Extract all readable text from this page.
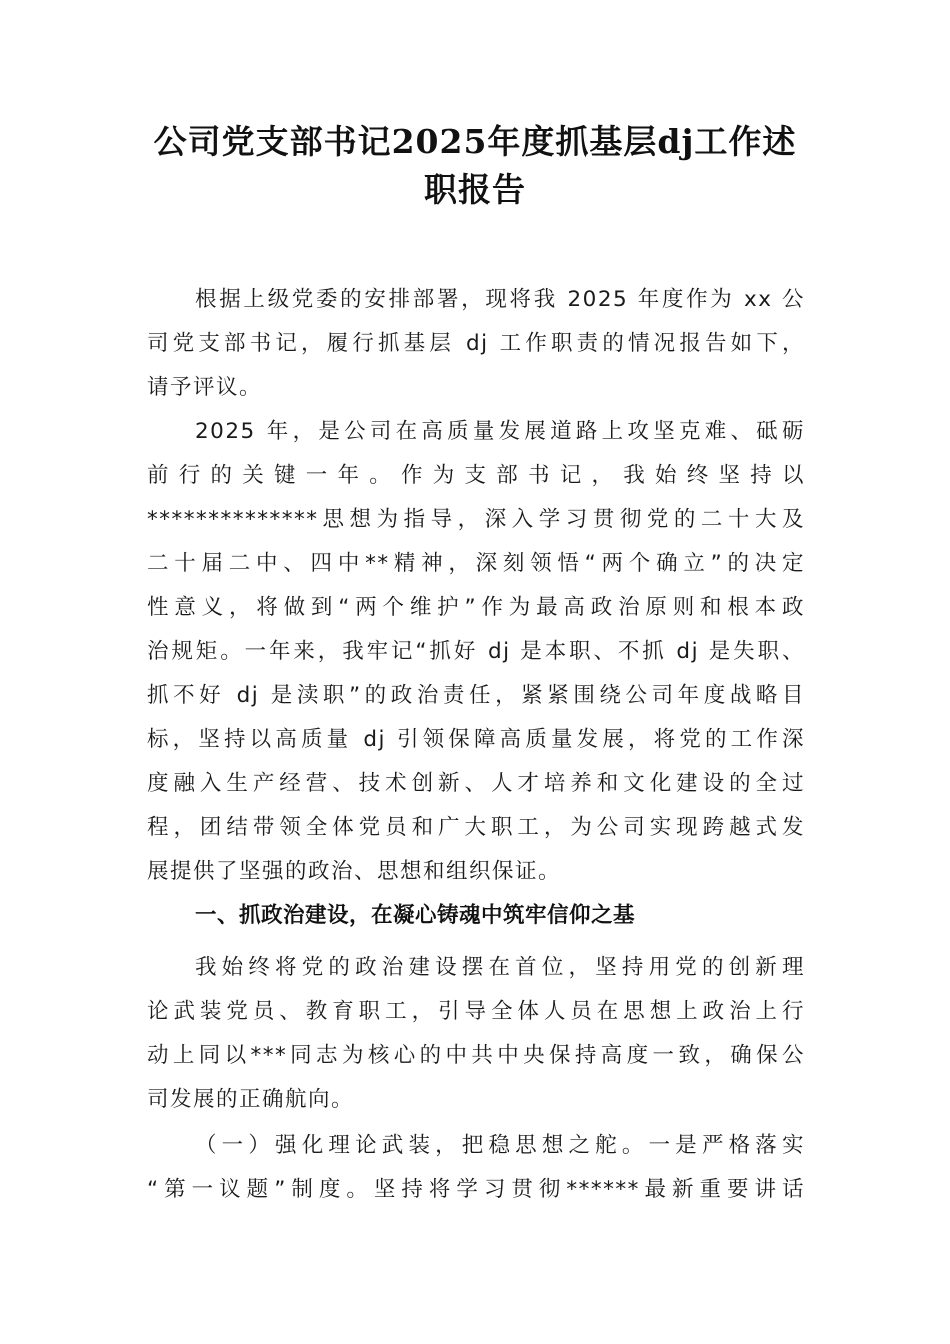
公司党支部书记2025年度抓基层dj工作述
职报告
根据上级党委的安排部署，现将我 2025 年度作为 xx 公
司党支部书记，履行抓基层 dj 工作职责的情况报告如下，
请予评议。
2025 年，是公司在高质量发展道路上攻坚克难、砥砺
前行的关键一年。作为支部书记，我始终坚持以
**************思想为指导，深入学习贯彻党的二十大及
二十届二中、四中**精神，深刻领悟“两个确立”的决定
性意义，将做到“两个维护”作为最高政治原则和根本政
治规矩。一年来，我牢记“抓好 dj 是本职、不抓 dj 是失职、
抓不好 dj 是渎职”的政治责任，紧紧围绕公司年度战略目
标，坚持以高质量 dj 引领保障高质量发展，将党的工作深
度融入生产经营、技术创新、人才培养和文化建设的全过
程，团结带领全体党员和广大职工，为公司实现跨越式发
展提供了坚强的政治、思想和组织保证。
一、抓政治建设，在凝心铸魂中筑牢信仰之基
我始终将党的政治建设摆在首位，坚持用党的创新理
论武装党员、教育职工，引导全体人员在思想上政治上行
动上同以***同志为核心的中共中央保持高度一致，确保公
司发展的正确航向。
（一）强化理论武装，把稳思想之舵。一是严格落实
“第一议题”制度。坚持将学习贯彻******最新重要讲话
